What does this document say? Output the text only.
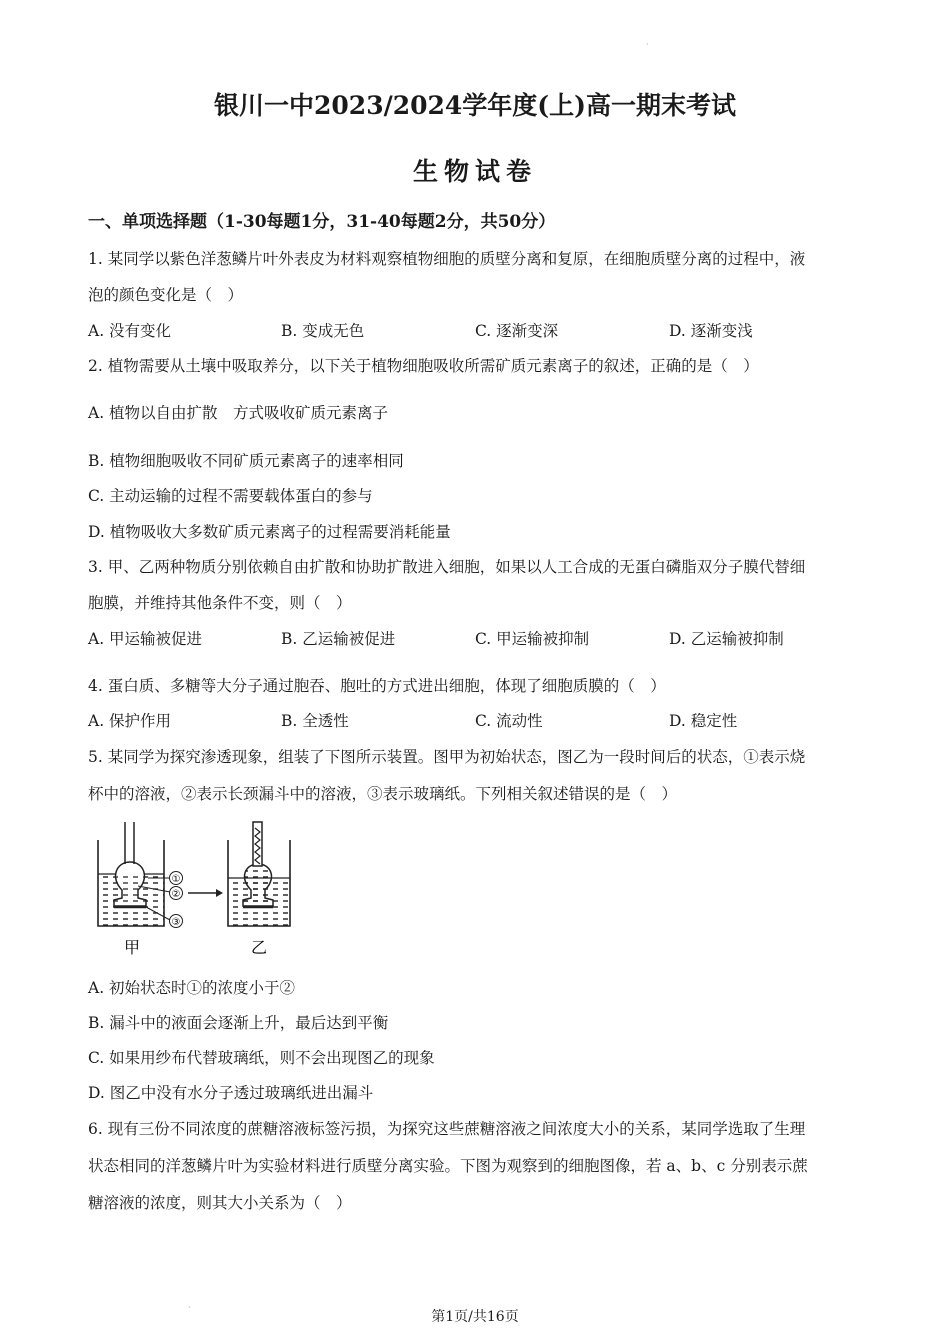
·
银川一中2023/2024学年度(上)高一期末考试
生物试卷
一、单项选择题（1-30每题1分，31-40每题2分，共50分）
1. 某同学以紫色洋葱鳞片叶外表皮为材料观察植物细胞的质壁分离和复原，在细胞质壁分离的过程中，液
泡的颜色变化是（　）
A. 没有变化	B. 变成无色	C. 逐渐变深	D. 逐渐变浅
2. 植物需要从土壤中吸取养分，以下关于植物细胞吸收所需矿质元素离子的叙述，正确的是（　）
A. 植物以自由扩散　方式吸收矿质元素离子
B. 植物细胞吸收不同矿质元素离子的速率相同
C. 主动运输的过程不需要载体蛋白的参与
D. 植物吸收大多数矿质元素离子的过程需要消耗能量
3. 甲、乙两种物质分别依赖自由扩散和协助扩散进入细胞，如果以人工合成的无蛋白磷脂双分子膜代替细
胞膜，并维持其他条件不变，则（　）
A. 甲运输被促进	B. 乙运输被促进	C. 甲运输被抑制	D. 乙运输被抑制
4. 蛋白质、多糖等大分子通过胞吞、胞吐的方式进出细胞，体现了细胞质膜的（　）
A. 保护作用	B. 全透性	C. 流动性	D. 稳定性
5. 某同学为探究渗透现象，组装了下图所示装置。图甲为初始状态，图乙为一段时间后的状态，①表示烧
杯中的溶液，②表示长颈漏斗中的溶液，③表示玻璃纸。下列相关叙述错误的是（　）
①
②
③
甲	乙
A. 初始状态时①的浓度小于②
B. 漏斗中的液面会逐渐上升，最后达到平衡
C. 如果用纱布代替玻璃纸，则不会出现图乙的现象
D. 图乙中没有水分子透过玻璃纸进出漏斗
6. 现有三份不同浓度的蔗糖溶液标签污损，为探究这些蔗糖溶液之间浓度大小的关系，某同学选取了生理
状态相同的洋葱鳞片叶为实验材料进行质壁分离实验。下图为观察到的细胞图像，若 a、b、c 分别表示蔗
糖溶液的浓度，则其大小关系为（　）
·
第1页/共16页
